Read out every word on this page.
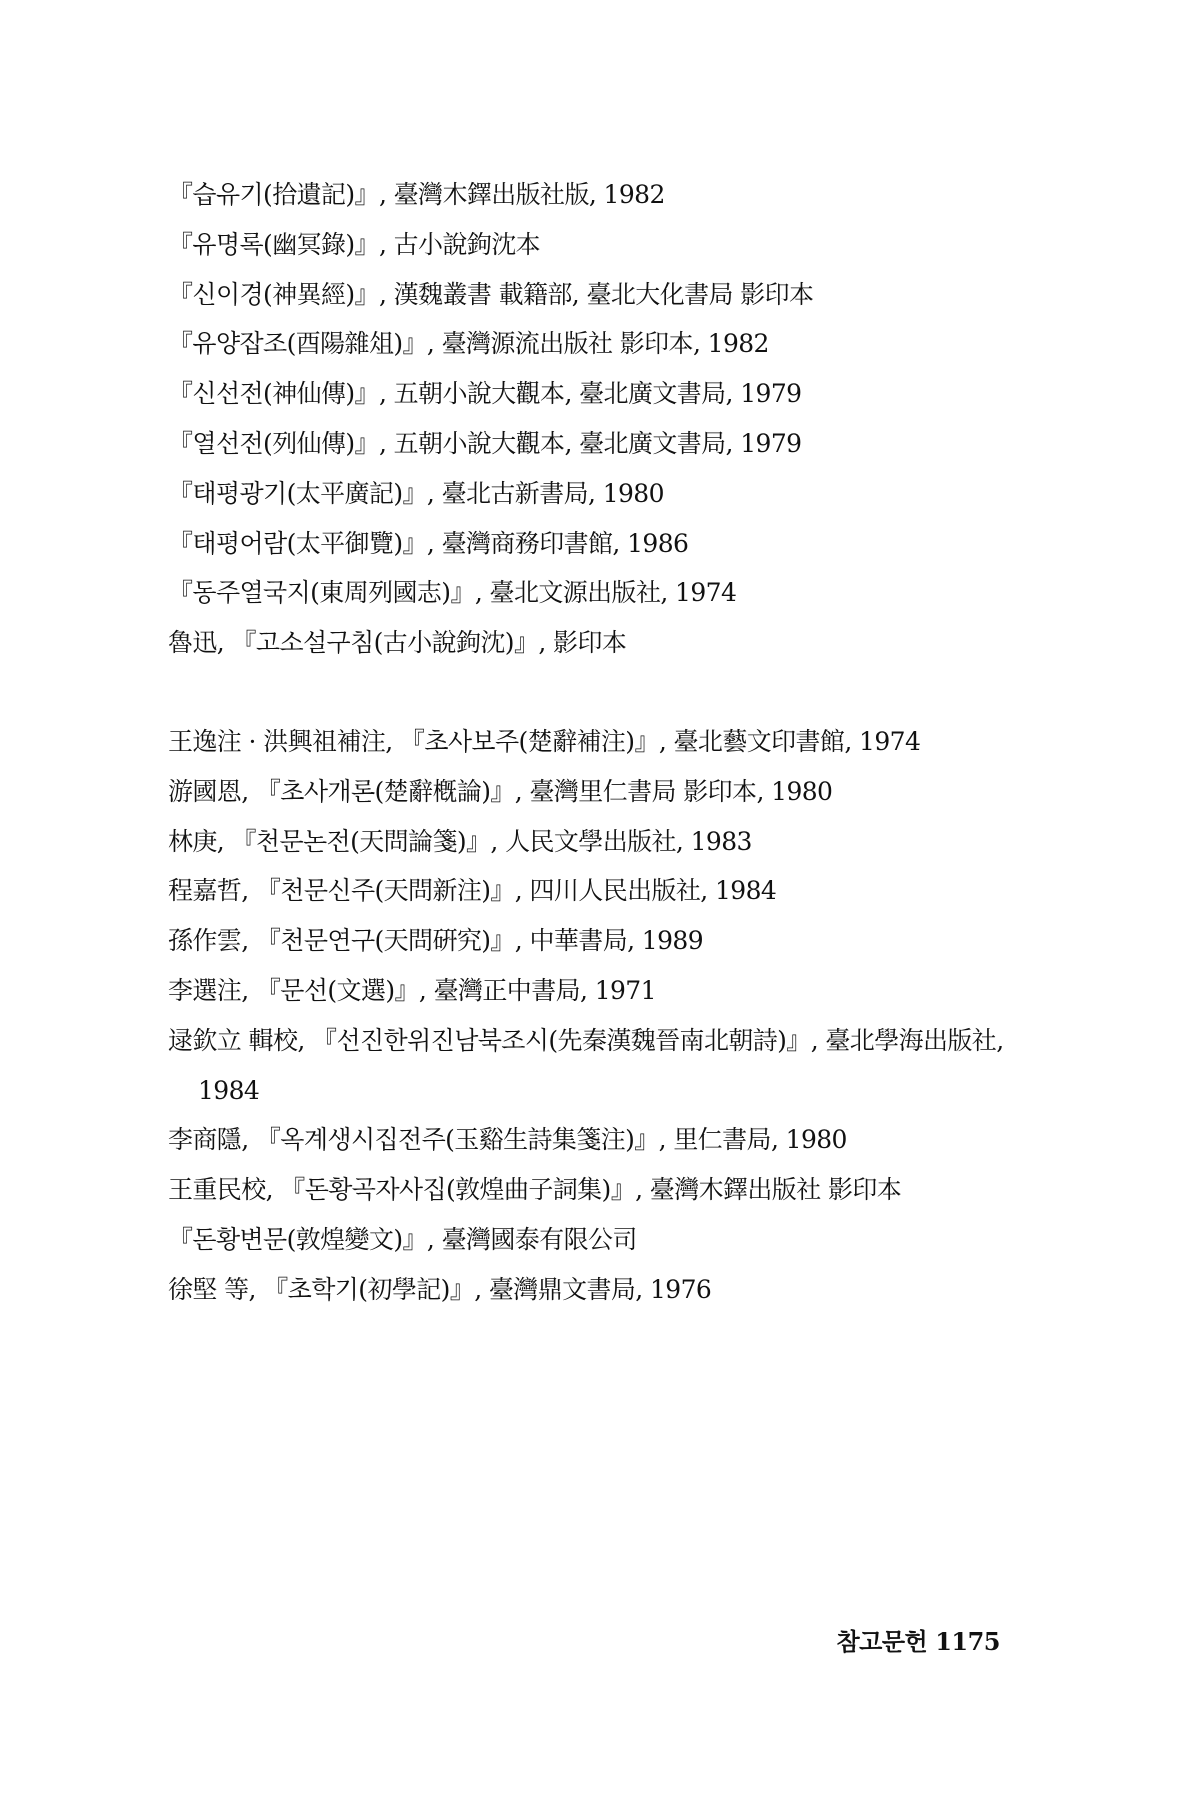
『습유기(拾遺記)』, 臺灣木鐸出版社版, 1982
『유명록(幽冥錄)』, 古小說鉤沈本
『신이경(神異經)』, 漢魏叢書 載籍部, 臺北大化書局 影印本
『유양잡조(酉陽雜俎)』, 臺灣源流出版社 影印本, 1982
『신선전(神仙傳)』, 五朝小說大觀本, 臺北廣文書局, 1979
『열선전(列仙傳)』, 五朝小說大觀本, 臺北廣文書局, 1979
『태평광기(太平廣記)』, 臺北古新書局, 1980
『태평어람(太平御覽)』, 臺灣商務印書館, 1986
『동주열국지(東周列國志)』, 臺北文源出版社, 1974
魯迅, 『고소설구침(古小說鉤沈)』, 影印本
王逸注 · 洪興祖補注, 『초사보주(楚辭補注)』, 臺北藝文印書館, 1974
游國恩, 『초사개론(楚辭槪論)』, 臺灣里仁書局 影印本, 1980
林庚, 『천문논전(天問論箋)』, 人民文學出版社, 1983
程嘉哲, 『천문신주(天問新注)』, 四川人民出版社, 1984
孫作雲, 『천문연구(天問硏究)』, 中華書局, 1989
李選注, 『문선(文選)』, 臺灣正中書局, 1971
逯欽立 輯校, 『선진한위진남북조시(先秦漢魏晉南北朝詩)』, 臺北學海出版社, 1984
李商隱, 『옥계생시집전주(玉谿生詩集箋注)』, 里仁書局, 1980
王重民校, 『돈황곡자사집(敦煌曲子詞集)』, 臺灣木鐸出版社 影印本
『돈황변문(敦煌變文)』, 臺灣國泰有限公司
徐堅 等, 『초학기(初學記)』, 臺灣鼎文書局, 1976
참고문헌 1175
